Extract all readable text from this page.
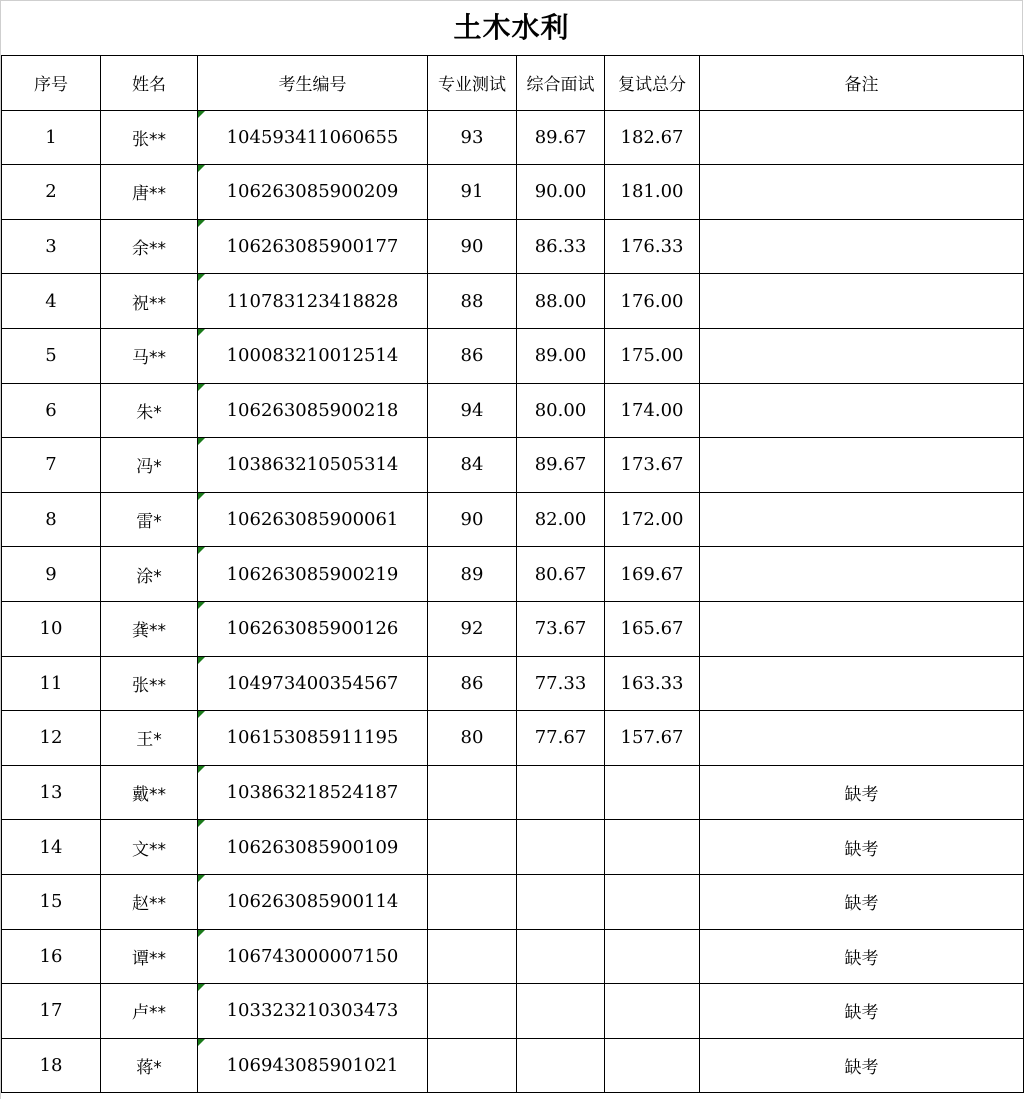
土木水利
序号	姓名	考生编号	专业测试	综合面试	复试总分	备注
1	张**	104593411060655	93	89.67	182.67	
2	唐**	106263085900209	91	90.00	181.00	
3	余**	106263085900177	90	86.33	176.33	
4	祝**	110783123418828	88	88.00	176.00	
5	马**	100083210012514	86	89.00	175.00	
6	朱*	106263085900218	94	80.00	174.00	
7	冯*	103863210505314	84	89.67	173.67	
8	雷*	106263085900061	90	82.00	172.00	
9	涂*	106263085900219	89	80.67	169.67	
10	龚**	106263085900126	92	73.67	165.67	
11	张**	104973400354567	86	77.33	163.33	
12	王*	106153085911195	80	77.67	157.67	
13	戴**	103863218524187				缺考
14	文**	106263085900109				缺考
15	赵**	106263085900114				缺考
16	谭**	106743000007150				缺考
17	卢**	103323210303473				缺考
18	蒋*	106943085901021				缺考
